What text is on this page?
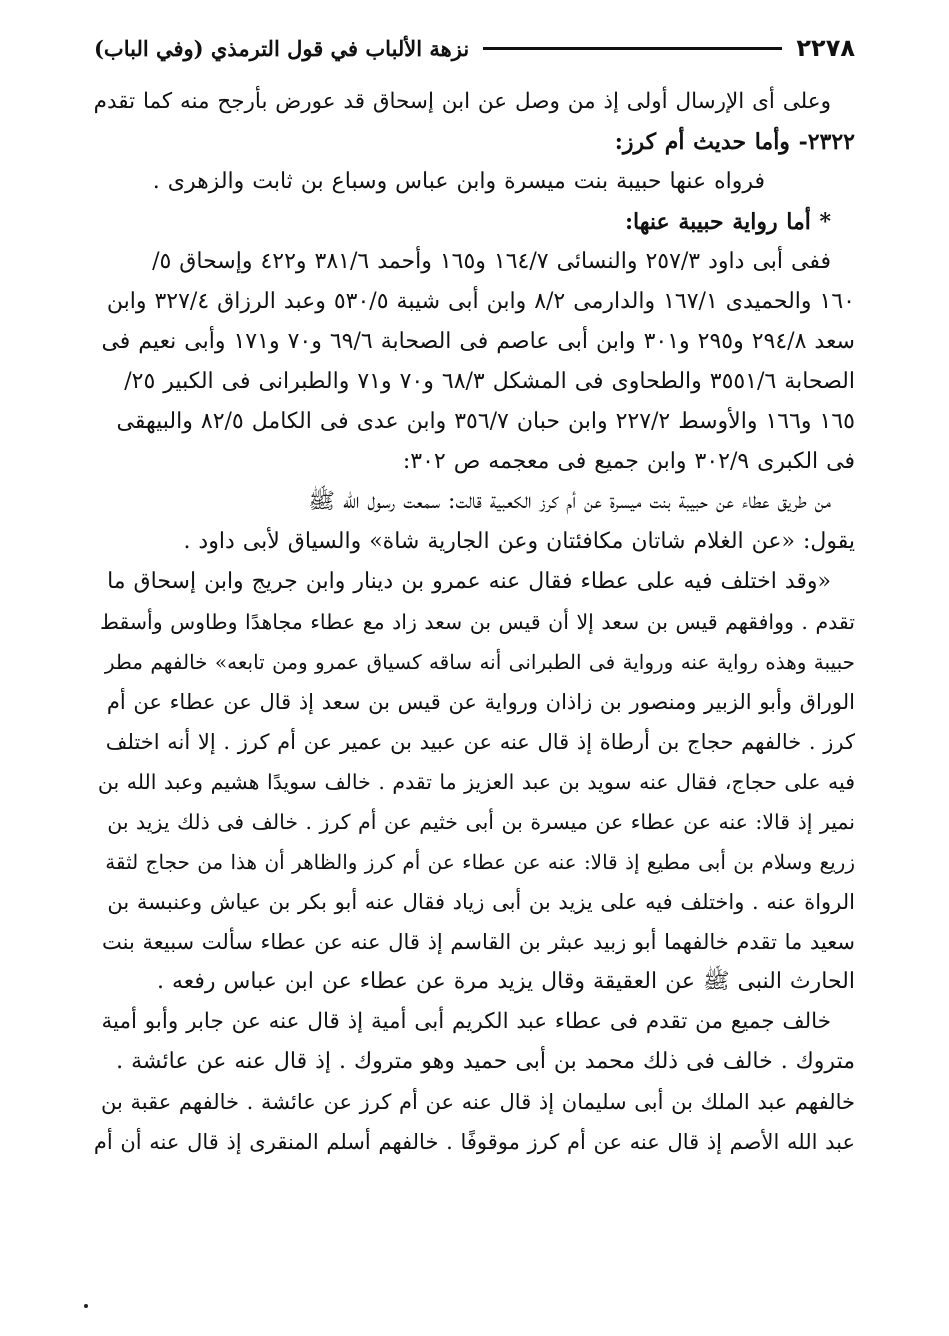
٢٢٧٨
نزهة الألباب في قول الترمذي (وفي الباب)
وعلى أى الإرسال أولى إذ من وصل عن ابن إسحاق قد عورض بأرجح منه كما تقدم
٢٣٢٢- وأما حديث أم كرز:
فرواه عنها حبيبة بنت ميسرة وابن عباس وسباع بن ثابت والزهرى .
* أما رواية حبيبة عنها:
ففى أبى داود ٢٥٧/٣ والنسائى ١٦٤/٧ و١٦٥ وأحمد ٣٨١/٦ و٤٢٢ وإسحاق ٥/
١٦٠ والحميدى ١٦٧/١ والدارمى ٨/٢ وابن أبى شيبة ٥٣٠/٥ وعبد الرزاق ٣٢٧/٤ وابن
سعد ٢٩٤/٨ و٢٩٥ و٣٠١ وابن أبى عاصم فى الصحابة ٦٩/٦ و٧٠ و١٧١ وأبى نعيم فى
الصحابة ٣٥٥١/٦ والطحاوى فى المشكل ٦٨/٣ و٧٠ و٧١ والطبرانى فى الكبير ٢٥/
١٦٥ و١٦٦ والأوسط ٢٢٧/٢ وابن حبان ٣٥٦/٧ وابن عدى فى الكامل ٨٢/٥ والبيهقى
فى الكبرى ٣٠٢/٩ وابن جميع فى معجمه ص ٣٠٢:
من طريق عطاء عن حبيبة بنت ميسرة عن أم كرز الكعبية قالت: سمعت رسول الله ﷺ
يقول: «عن الغلام شاتان مكافئتان وعن الجارية شاة» والسياق لأبى داود .
«وقد اختلف فيه على عطاء فقال عنه عمرو بن دينار وابن جريج وابن إسحاق ما
تقدم . ووافقهم قيس بن سعد إلا أن قيس بن سعد زاد مع عطاء مجاهدًا وطاوس وأسقط
حبيبة وهذه رواية عنه ورواية فى الطبرانى أنه ساقه كسياق عمرو ومن تابعه» خالفهم مطر
الوراق وأبو الزبير ومنصور بن زاذان ورواية عن قيس بن سعد إذ قال عن عطاء عن أم
كرز . خالفهم حجاج بن أرطاة إذ قال عنه عن عبيد بن عمير عن أم كرز . إلا أنه اختلف
فيه على حجاج، فقال عنه سويد بن عبد العزيز ما تقدم . خالف سويدًا هشيم وعبد الله بن
نمير إذ قالا: عنه عن عطاء عن ميسرة بن أبى خثيم عن أم كرز . خالف فى ذلك يزيد بن
زريع وسلام بن أبى مطيع إذ قالا: عنه عن عطاء عن أم كرز والظاهر أن هذا من حجاج لثقة
الرواة عنه . واختلف فيه على يزيد بن أبى زياد فقال عنه أبو بكر بن عياش وعنبسة بن
سعيد ما تقدم خالفهما أبو زبيد عبثر بن القاسم إذ قال عنه عن عطاء سألت سبيعة بنت
الحارث النبى ﷺ عن العقيقة وقال يزيد مرة عن عطاء عن ابن عباس رفعه .
خالف جميع من تقدم فى عطاء عبد الكريم أبى أمية إذ قال عنه عن جابر وأبو أمية
متروك . خالف فى ذلك محمد بن أبى حميد وهو متروك . إذ قال عنه عن عائشة .
خالفهم عبد الملك بن أبى سليمان إذ قال عنه عن أم كرز عن عائشة . خالفهم عقبة بن
عبد الله الأصم إذ قال عنه عن أم كرز موقوفًا . خالفهم أسلم المنقرى إذ قال عنه أن أم
